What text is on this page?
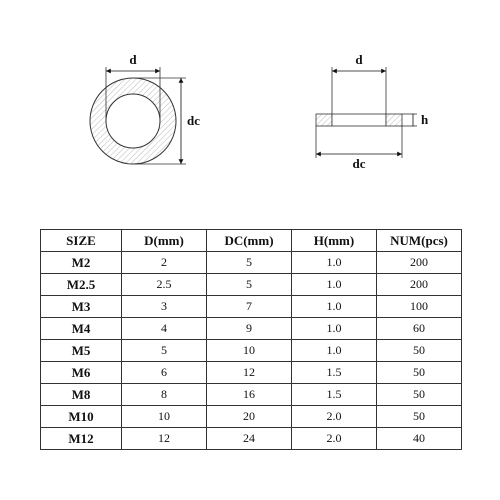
d
dc
d
h
dc
SIZE	D(mm)	DC(mm)	H(mm)	NUM(pcs)
M2	2	5	1.0	200
M2.5	2.5	5	1.0	200
M3	3	7	1.0	100
M4	4	9	1.0	60
M5	5	10	1.0	50
M6	6	12	1.5	50
M8	8	16	1.5	50
M10	10	20	2.0	50
M12	12	24	2.0	40
